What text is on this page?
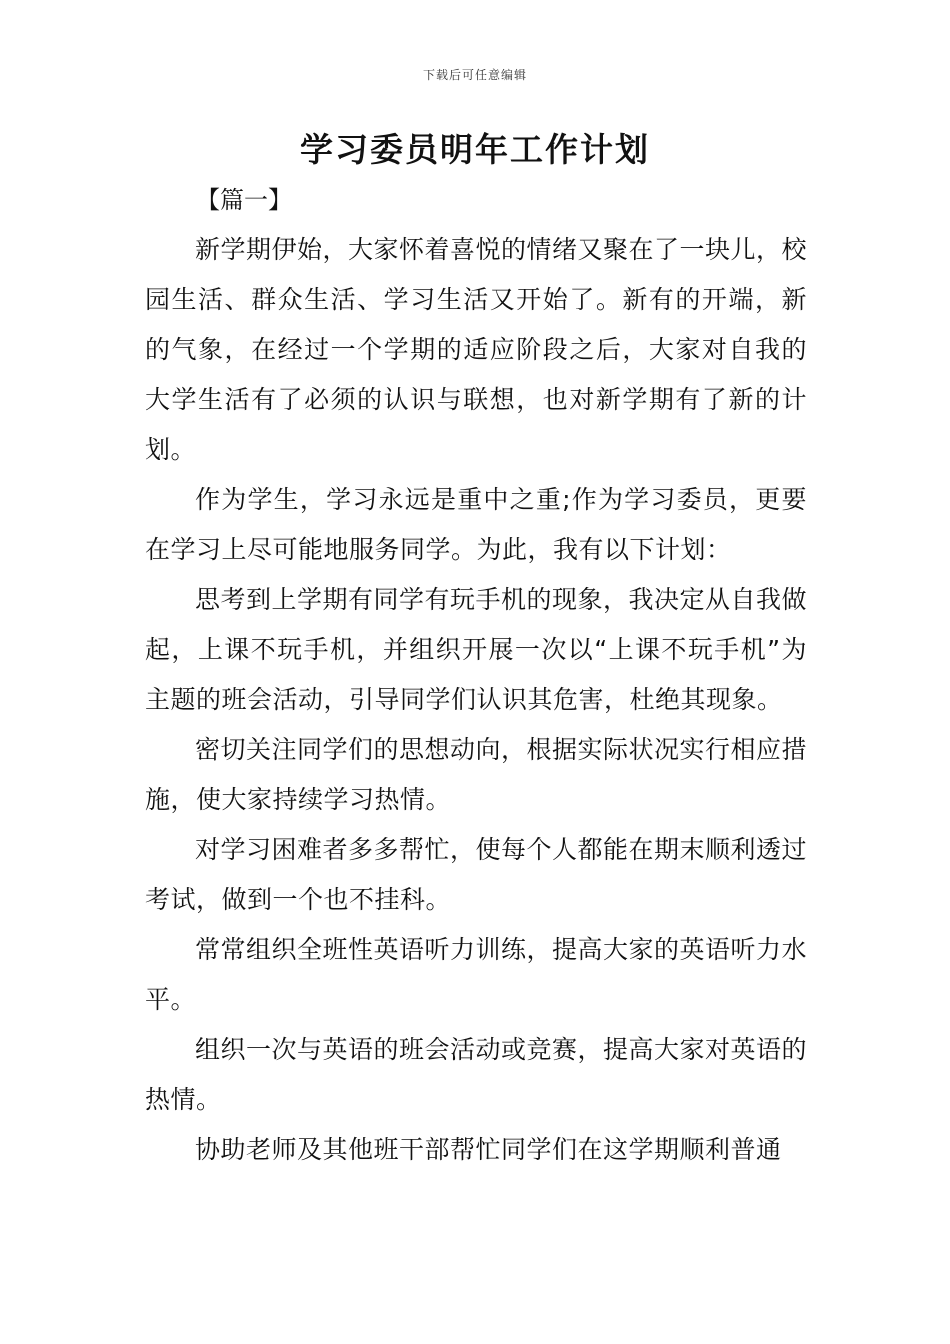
下载后可任意编辑
学习委员明年工作计划
【篇一】

新学期伊始，大家怀着喜悦的情绪又聚在了一块儿，校园生活、群众生活、学习生活又开始了。新有的开端，新的气象，在经过一个学期的适应阶段之后，大家对自我的大学生活有了必须的认识与联想，也对新学期有了新的计划。

作为学生，学习永远是重中之重;作为学习委员，更要在学习上尽可能地服务同学。为此，我有以下计划：

思考到上学期有同学有玩手机的现象，我决定从自我做起，上课不玩手机，并组织开展一次以“上课不玩手机”为主题的班会活动，引导同学们认识其危害，杜绝其现象。

密切关注同学们的思想动向，根据实际状况实行相应措施，使大家持续学习热情。

对学习困难者多多帮忙，使每个人都能在期末顺利透过考试，做到一个也不挂科。

常常组织全班性英语听力训练，提高大家的英语听力水平。

组织一次与英语的班会活动或竞赛，提高大家对英语的热情。

协助老师及其他班干部帮忙同学们在这学期顺利普通
